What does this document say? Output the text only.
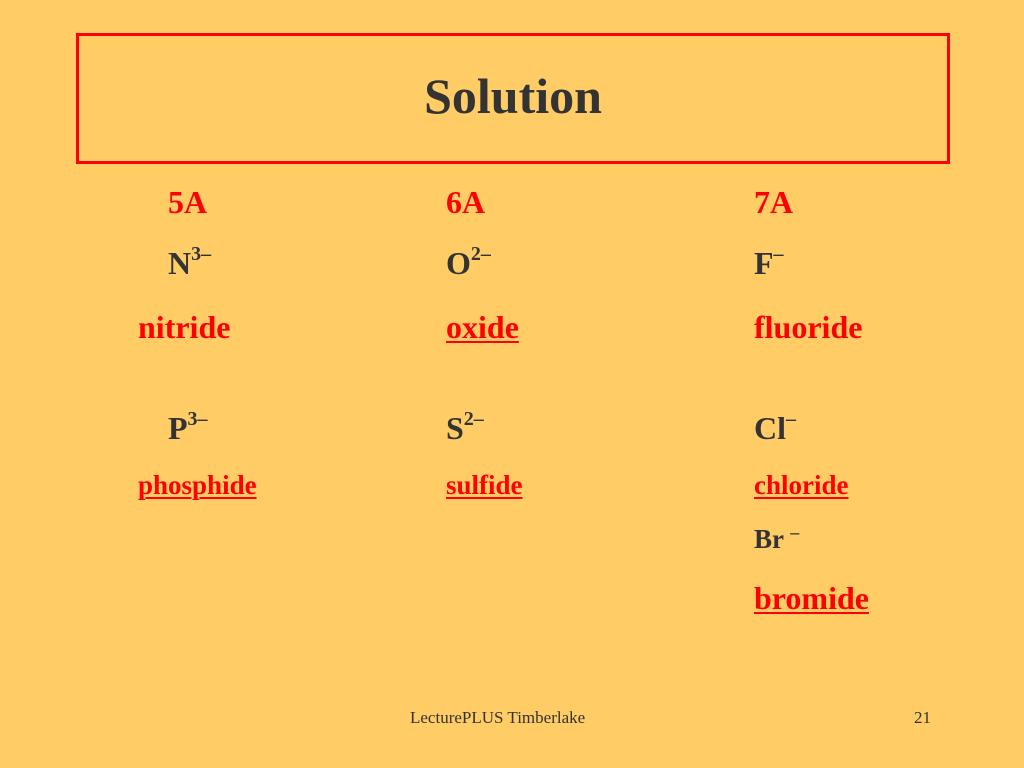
Solution
5A
$N^{3-}$
nitride
$P^{3-}$
phosphide
6A
$O^{2-}$
oxide
$S^{2-}$
sulfide
7A
F–
fluoride
Cl–
chloride
Br –
bromide
LecturePLUS Timberlake	21
